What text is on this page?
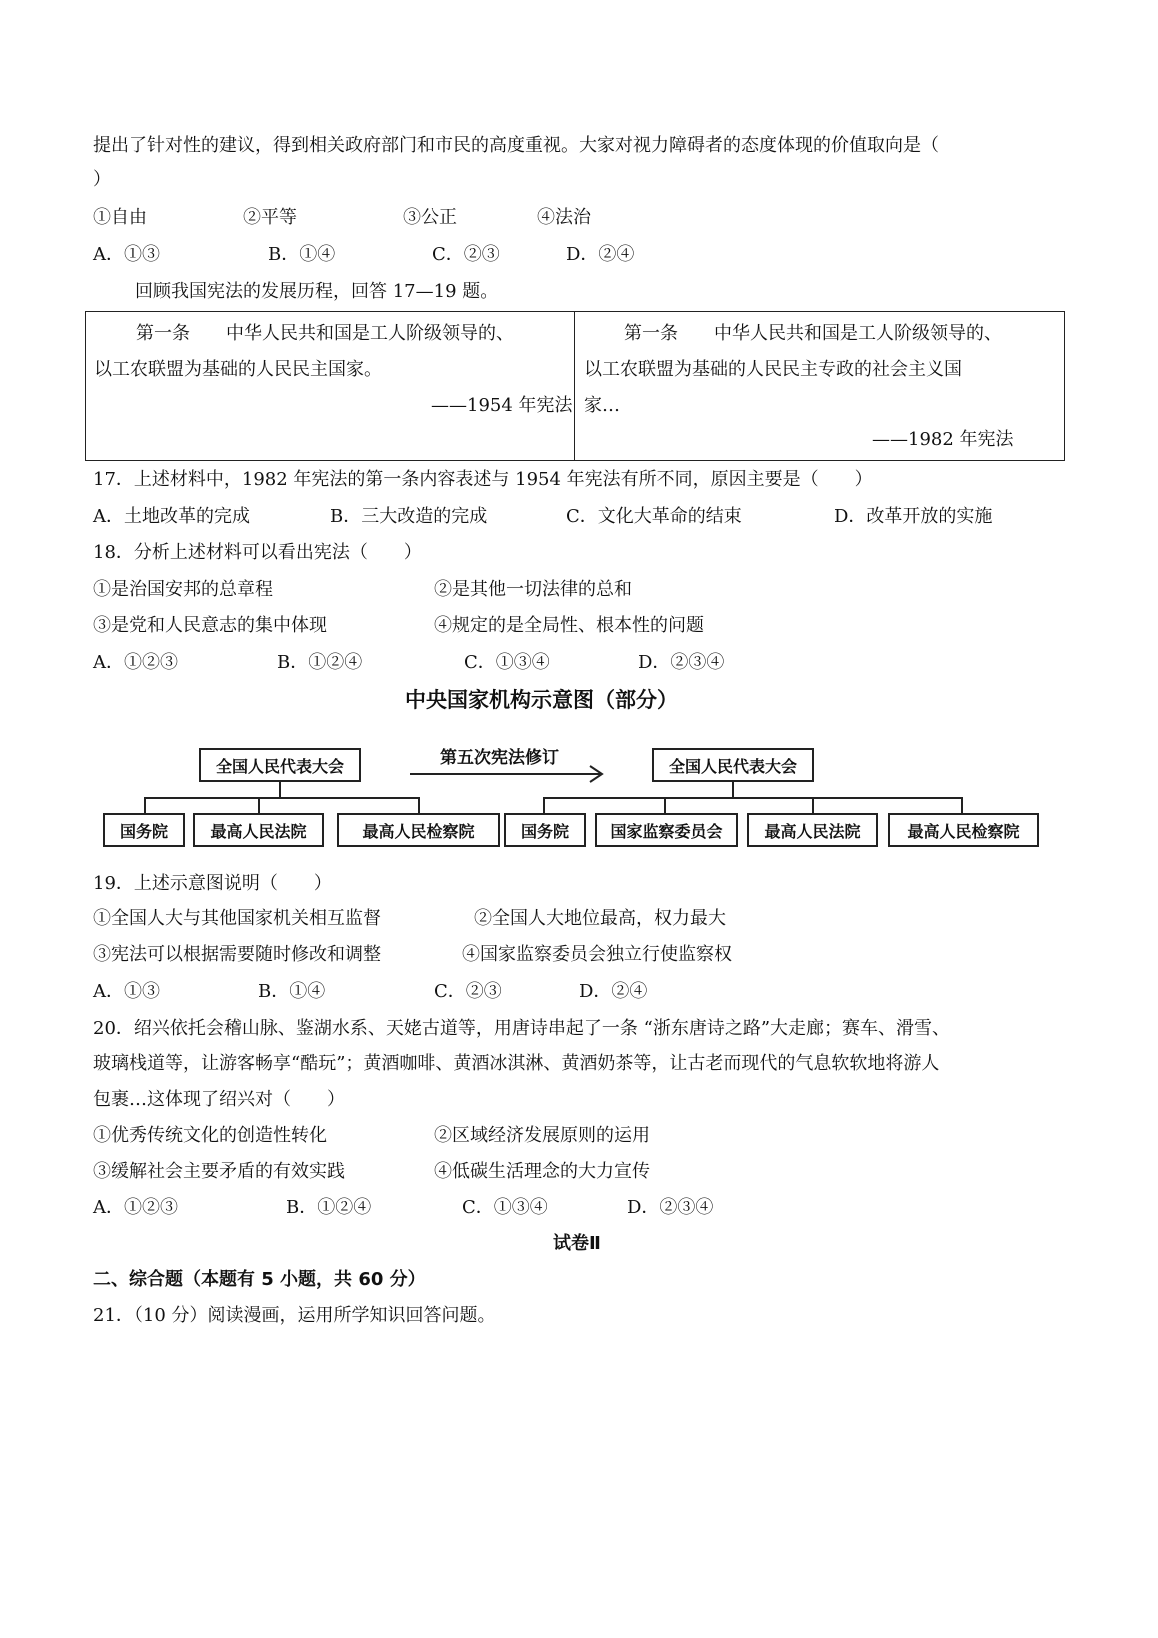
提出了针对性的建议，得到相关政府部门和市民的高度重视。大家对视力障碍者的态度体现的价值取向是（
）
①自由	②平等	③公正	④法治
A．①③	B．①④	C．②③	D．②④
回顾我国宪法的发展历程，回答 17—19 题。
第一条　　中华人民共和国是工人阶级领导的、
以工农联盟为基础的人民民主国家。
——1954 年宪法
第一条　　中华人民共和国是工人阶级领导的、
以工农联盟为基础的人民民主专政的社会主义国
家…
——1982 年宪法
17．上述材料中，1982 年宪法的第一条内容表述与 1954 年宪法有所不同，原因主要是（　　）
A．土地改革的完成	B．三大改造的完成	C．文化大革命的结束	D．改革开放的实施
18．分析上述材料可以看出宪法（　　）
①是治国安邦的总章程	②是其他一切法律的总和
③是党和人民意志的集中体现	④规定的是全局性、根本性的问题
A．①②③	B．①②④	C．①③④	D．②③④
中央国家机构示意图（部分）
全国人民代表大会
国务院	最高人民法院	最高人民检察院
第五次宪法修订	全国人民代表大会
国务院	国家监察委员会	最高人民法院	最高人民检察院
19．上述示意图说明（　　）
①全国人大与其他国家机关相互监督	②全国人大地位最高，权力最大
③宪法可以根据需要随时修改和调整	④国家监察委员会独立行使监察权
A．①③	B．①④	C．②③	D．②④
20．绍兴依托会稽山脉、鉴湖水系、天姥古道等，用唐诗串起了一条 “浙东唐诗之路”大走廊；赛车、滑雪、
玻璃栈道等，让游客畅享“酷玩”；黄酒咖啡、黄酒冰淇淋、黄酒奶茶等，让古老而现代的气息软软地将游人
包裹…这体现了绍兴对（　　）
①优秀传统文化的创造性转化	②区域经济发展原则的运用
③缓解社会主要矛盾的有效实践	④低碳生活理念的大力宣传
A．①②③	B．①②④	C．①③④	D．②③④
试卷Ⅱ
二、综合题（本题有 5 小题，共 60 分）
21．（10 分）阅读漫画，运用所学知识回答问题。
